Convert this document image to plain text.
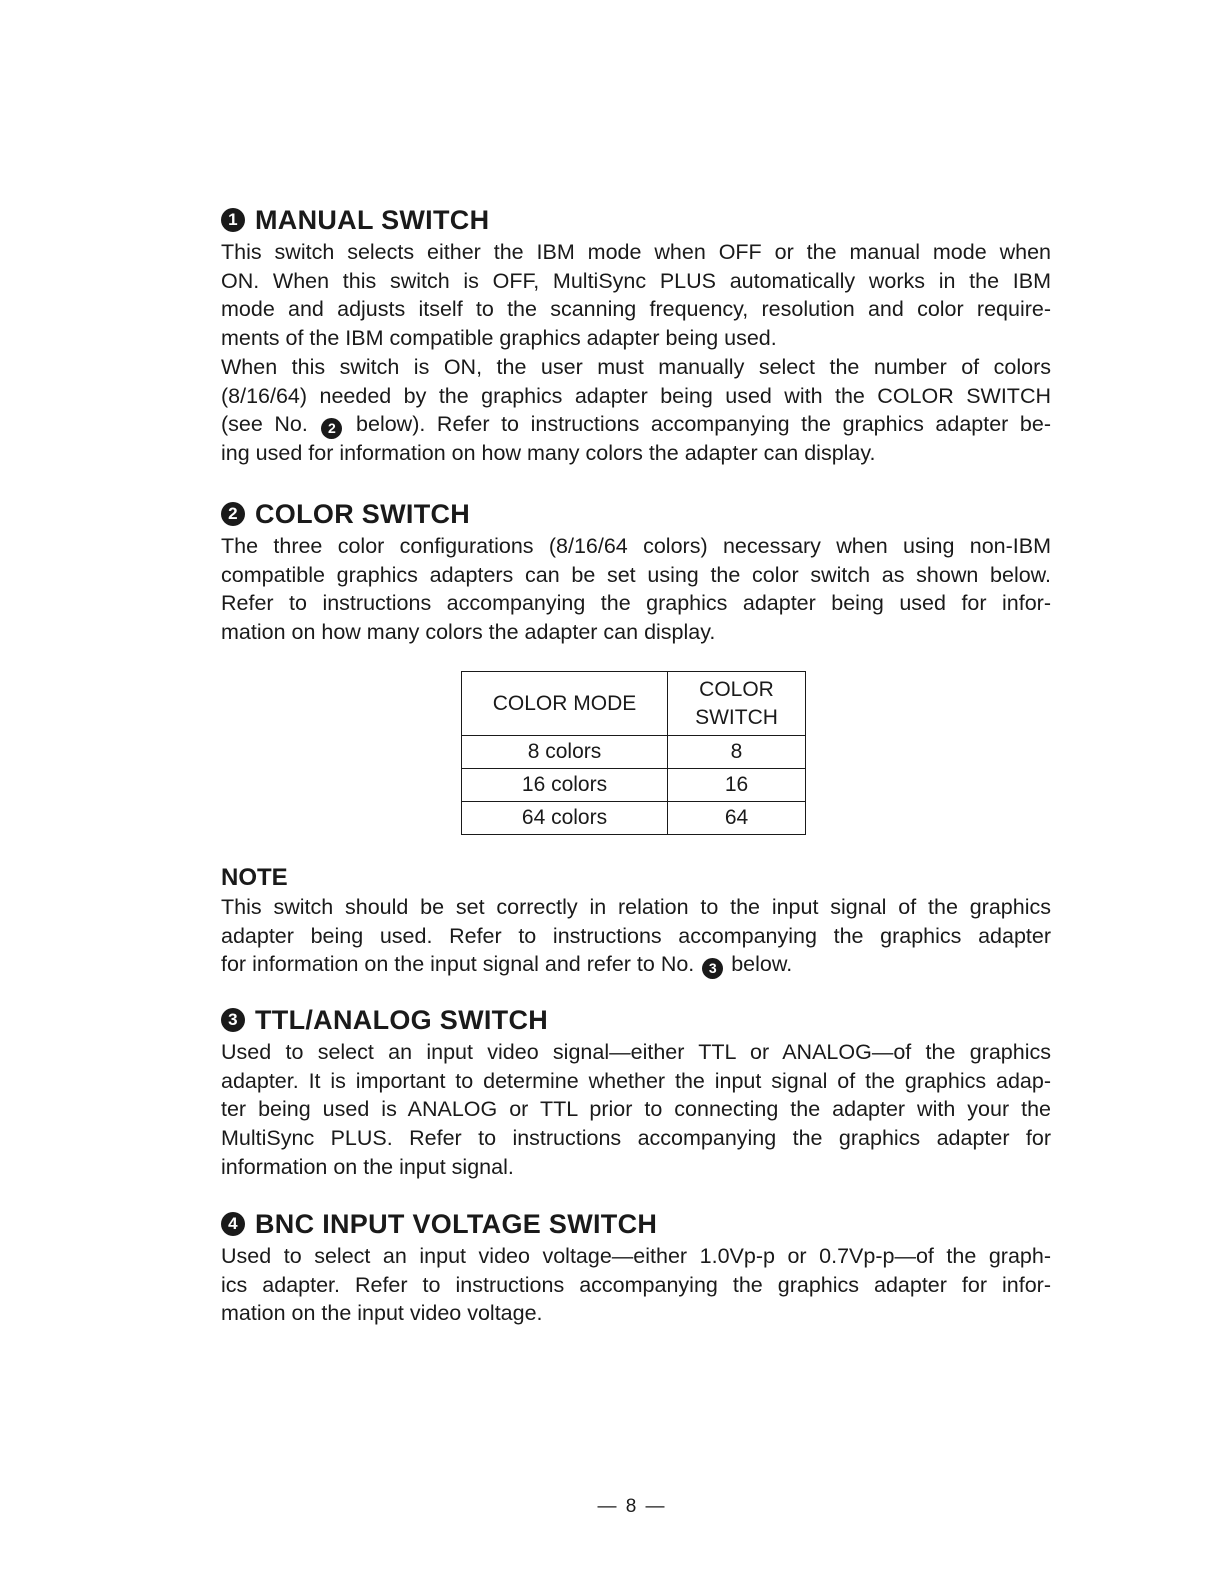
1 MANUAL SWITCH

This switch selects either the IBM mode when OFF or the manual mode when
ON. When this switch is OFF, MultiSync PLUS automatically works in the IBM
mode and adjusts itself to the scanning frequency, resolution and color require-
ments of the IBM compatible graphics adapter being used.
When this switch is ON, the user must manually select the number of colors
(8/16/64) needed by the graphics adapter being used with the COLOR SWITCH
(see No. 2 below). Refer to instructions accompanying the graphics adapter be-
ing used for information on how many colors the adapter can display.

2 COLOR SWITCH

The three color configurations (8/16/64 colors) necessary when using non-IBM
compatible graphics adapters can be set using the color switch as shown below.
Refer to instructions accompanying the graphics adapter being used for infor-
mation on how many colors the adapter can display.

COLOR MODE	COLOR
SWITCH
8 colors	8
16 colors	16
64 colors	64

NOTE

This switch should be set correctly in relation to the input signal of the graphics
adapter being used. Refer to instructions accompanying the graphics adapter
for information on the input signal and refer to No. 3 below.

3 TTL/ANALOG SWITCH

Used to select an input video signal—either TTL or ANALOG—of the graphics
adapter. It is important to determine whether the input signal of the graphics adap-
ter being used is ANALOG or TTL prior to connecting the adapter with your the
MultiSync PLUS. Refer to instructions accompanying the graphics adapter for
information on the input signal.

4 BNC INPUT VOLTAGE SWITCH

Used to select an input video voltage—either 1.0Vp-p or 0.7Vp-p—of the graph-
ics adapter. Refer to instructions accompanying the graphics adapter for infor-
mation on the input video voltage.

— 8 —
